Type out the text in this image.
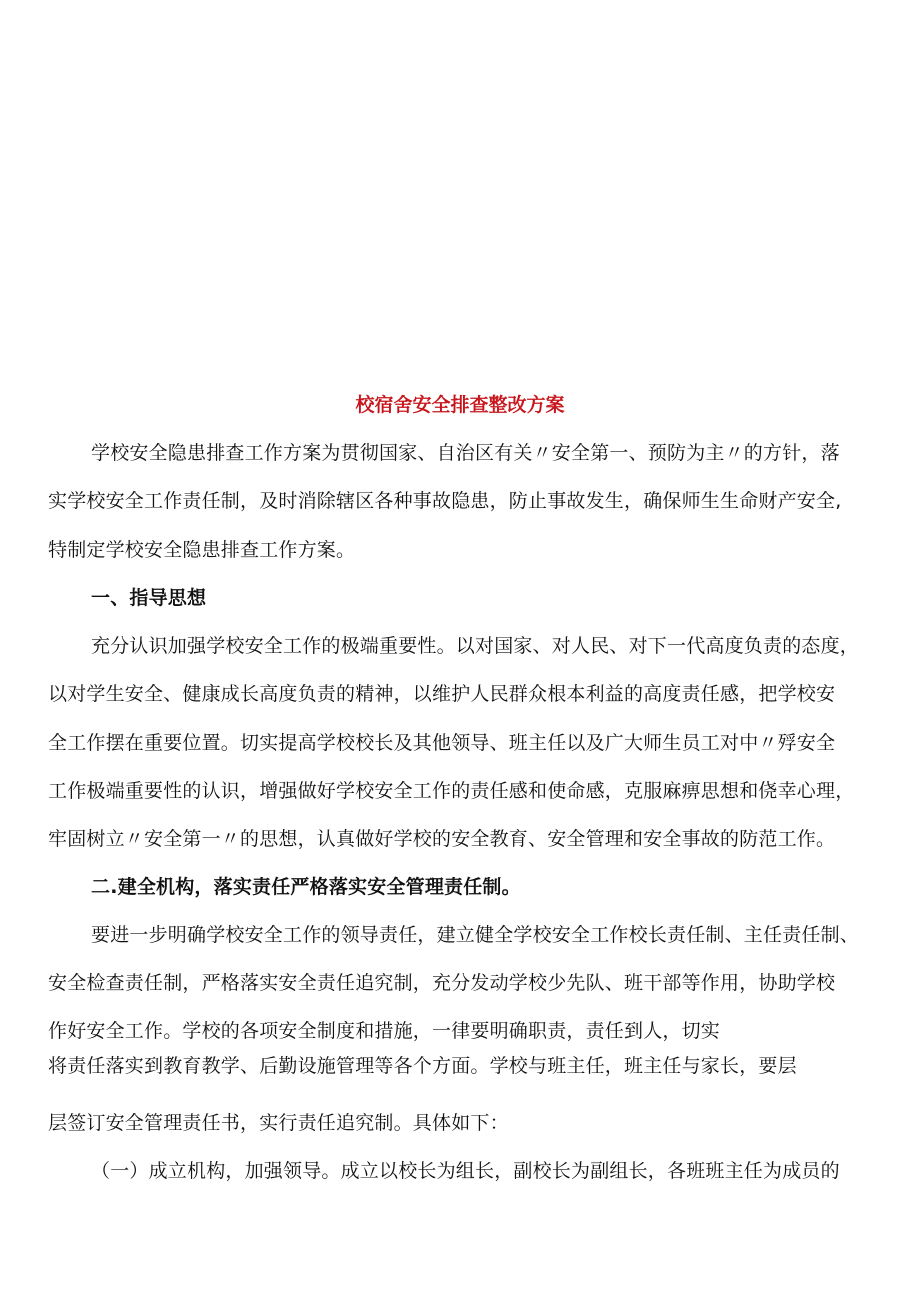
校宿舍安全排查整改方案
学校安全隐患排查工作方案为贯彻国家、自治区有关〃安全第一、预防为主〃的方针，落
实学校安全工作责任制，及时消除辖区各种事故隐患，防止事故发生，确保师生生命财产安全,
特制定学校安全隐患排查工作方案。
一、指导思想
充分认识加强学校安全工作的极端重要性。以对国家、对人民、对下一代高度负责的态度，
以对学生安全、健康成长高度负责的精神，以维护人民群众根本利益的高度责任感，把学校安
全工作摆在重要位置。切实提高学校校长及其他领导、班主任以及广大师生员工对中〃殍安全
工作极端重要性的认识，增强做好学校安全工作的责任感和使命感，克服麻痹思想和侥幸心理，
牢固树立〃安全第一〃的思想，认真做好学校的安全教育、安全管理和安全事故的防范工作。
二.建全机构，落实责任严格落实安全管理责任制。
要进一步明确学校安全工作的领导责任，建立健全学校安全工作校长责任制、主任责任制、
安全检查责任制，严格落实安全责任追究制，充分发动学校少先队、班干部等作用，协助学校
作好安全工作。学校的各项安全制度和措施，一律要明确职责，责任到人，切实
将责任落实到教育教学、后勤设施管理等各个方面。学校与班主任，班主任与家长，要层
层签订安全管理责任书，实行责任追究制。具体如下：
（一）成立机构，加强领导。成立以校长为组长，副校长为副组长，各班班主任为成员的
